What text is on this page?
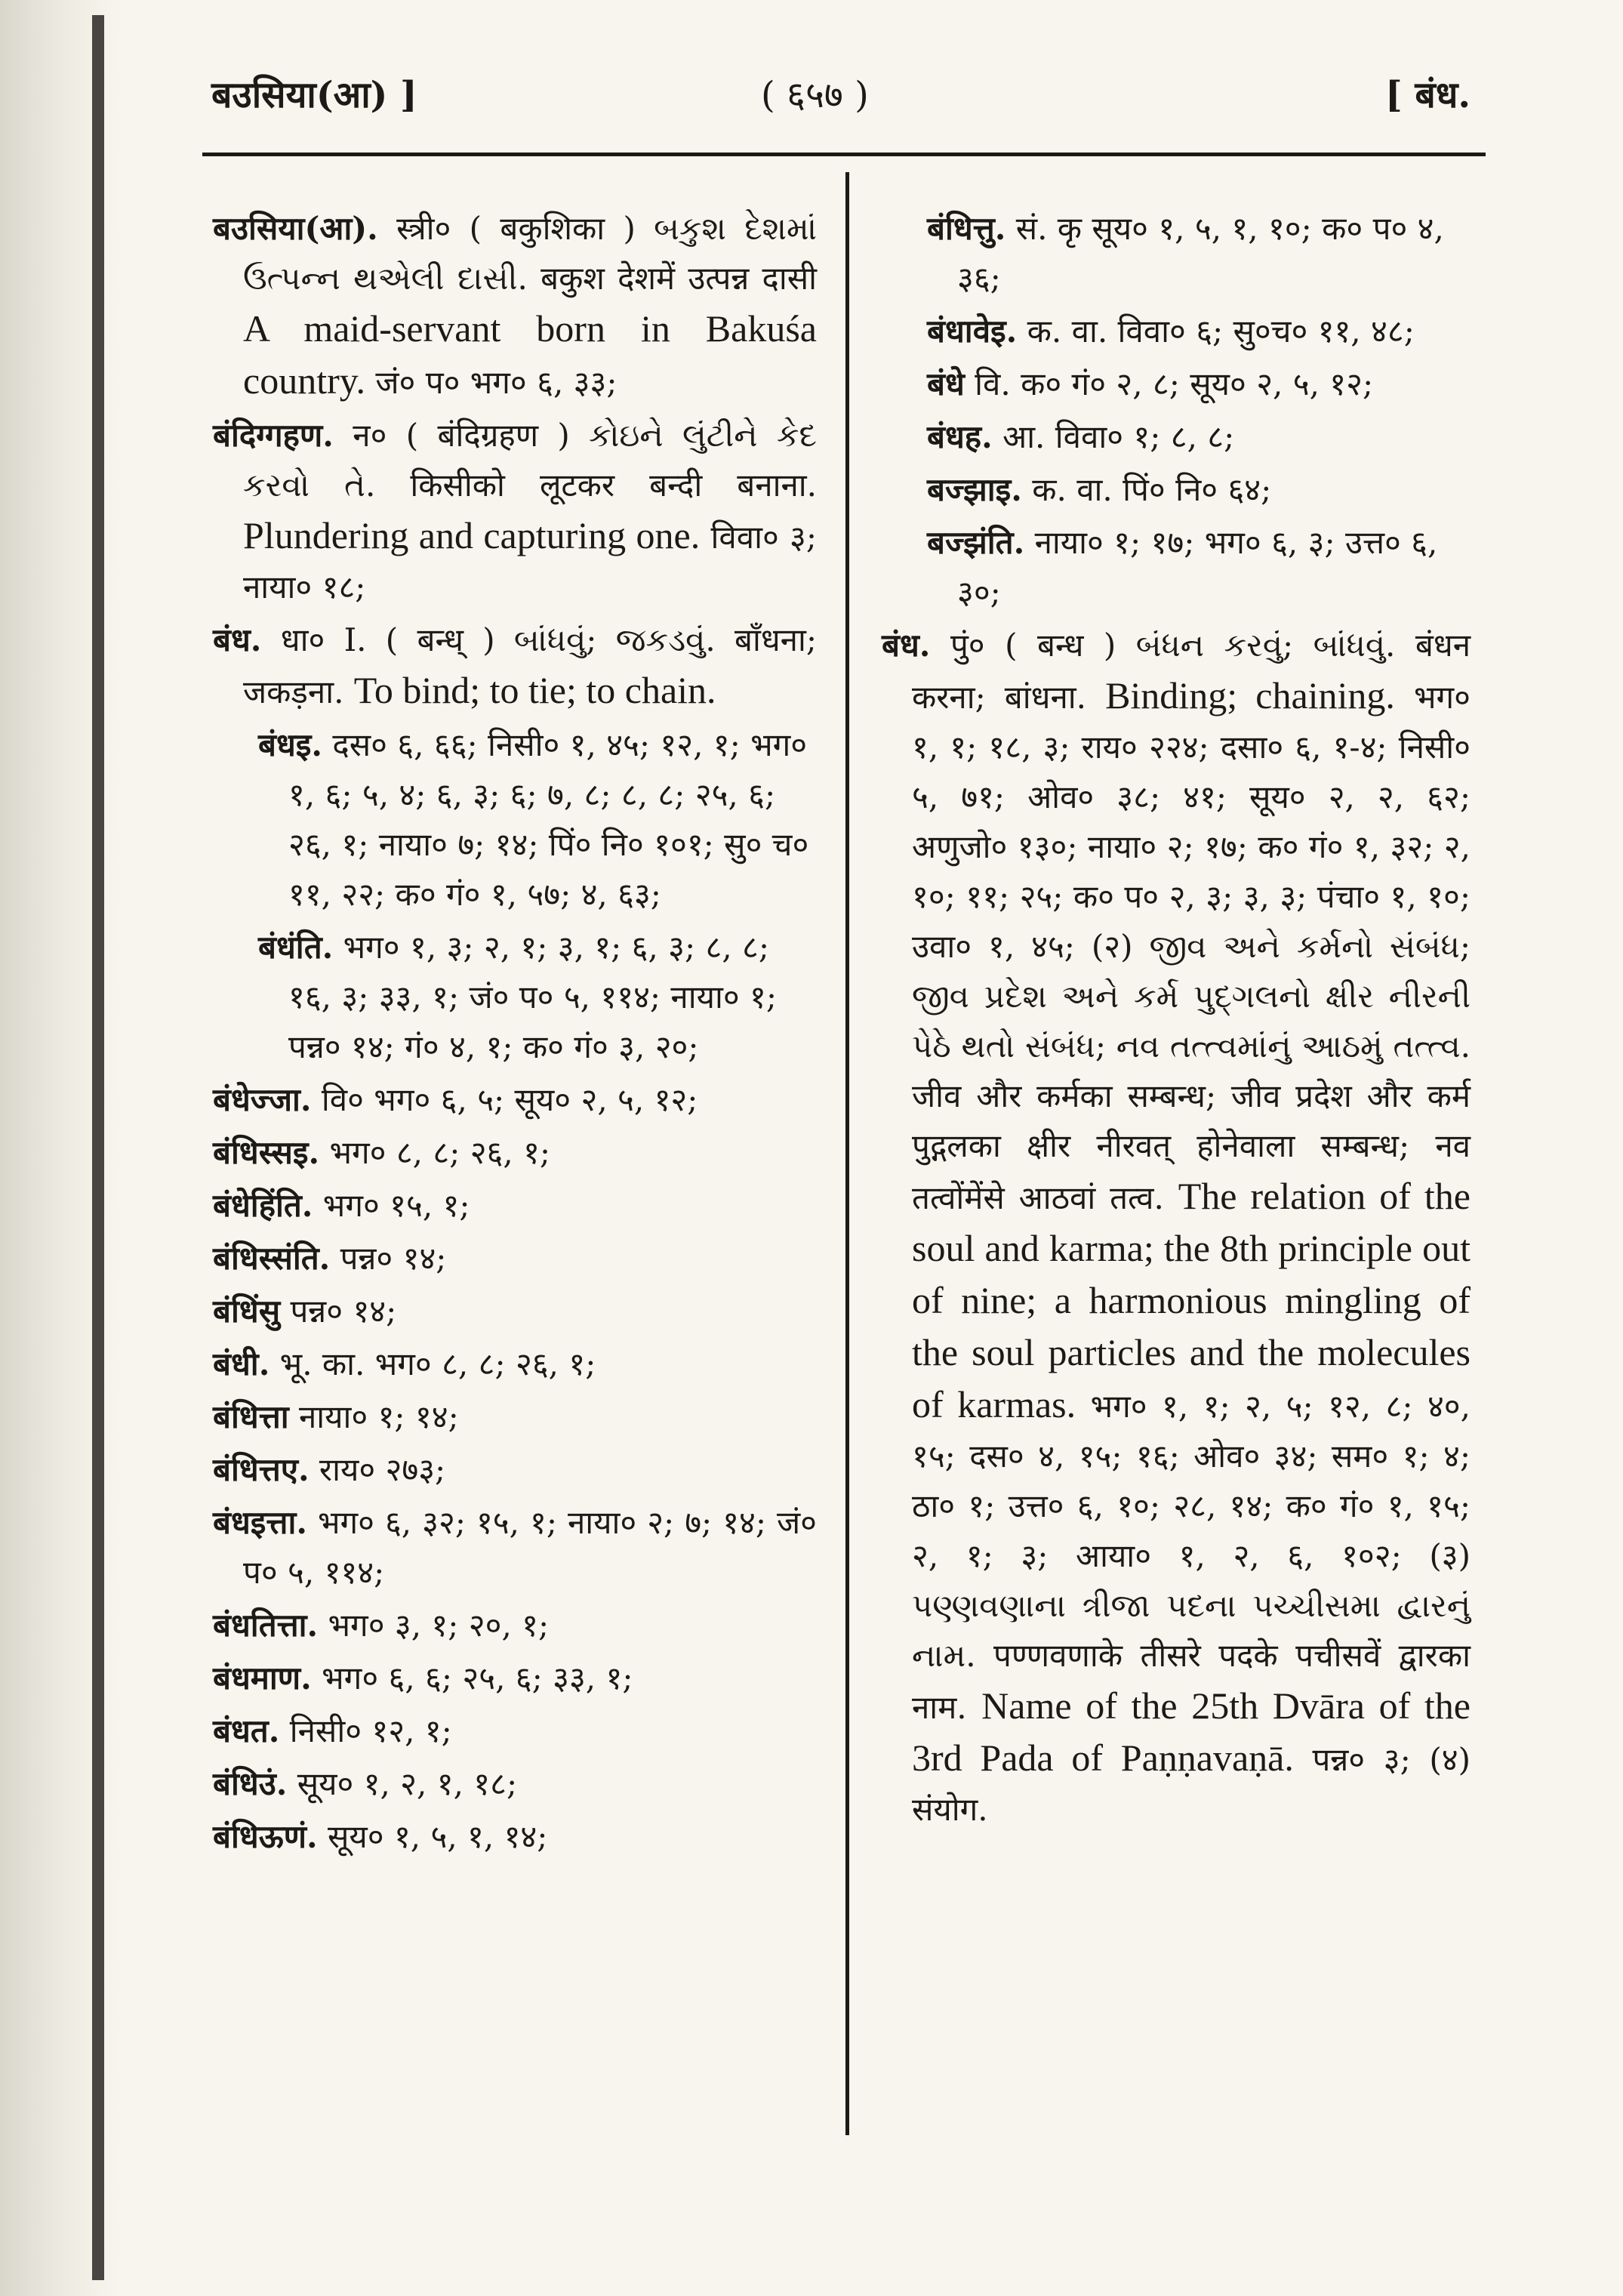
बउसिया(आ) ]	( ६५७ )	[ बंध.

बउसिया(आ). स्त्री० ( बकुशिका ) બકુશ દેશમાં ઉત્પન્ન થએલી દાસી. बकुश देशमें उत्पन्न दासी A maid-servant born in Bakuśa country. जं० प० भग० ६, ३३;

बंदिग्गहण. न० ( बंदिग्रहण ) કોઇને લુંટીને કેદ કરવો તે. किसीको लूटकर बन्दी बनाना. Plundering and capturing one. विवा० ३; नाया० १८;

बंध. धा० I. ( बन्ध् ) બાંધવું; જકડવું. बाँधना; जकड़ना. To bind; to tie; to chain.

बंधइ. दस० ६, ६६; निसी० १, ४५; १२, १; भग० १, ६; ५, ४; ६, ३; ६; ७, ८; ८, ८; २५, ६; २६, १; नाया० ७; १४; पिं० नि० १०१; सु० च० ११, २२; क० गं० १, ५७; ४, ६३;

बंधंति. भग० १, ३; २, १; ३, १; ६, ३; ८, ८; १६, ३; ३३, १; जं० प० ५, ११४; नाया० १; पन्न० १४; गं० ४, १; क० गं० ३, २०;

बंधेज्जा. वि० भग० ६, ५; सूय० २, ५, १२;

बंधिस्सइ. भग० ८, ८; २६, १;

बंधेहिंति. भग० १५, १;

बंधिस्संति. पन्न० १४;

बंधिंसु पन्न० १४;

बंधी. भू. का. भग० ८, ८; २६, १;

बंधित्ता नाया० १; १४;

बंधित्तए. राय० २७३;

बंधइत्ता. भग० ६, ३२; १५, १; नाया० २; ७; १४; जं० प० ५, ११४;

बंधतित्ता. भग० ३, १; २०, १;

बंधमाण. भग० ६, ६; २५, ६; ३३, १;

बंधत. निसी० १२, १;

बंधिउं. सूय० १, २, १, १८;

बंधिऊणं. सूय० १, ५, १, १४;

बंधित्तु. सं. कृ सूय० १, ५, १, १०; क० प० ४, ३६;

बंधावेइ. क. वा. विवा० ६; सु०च० ११, ४८;

बंधे वि. क० गं० २, ८; सूय० २, ५, १२;

बंधह. आ. विवा० १; ८, ८;

बज्झाइ. क. वा. पिं० नि० ६४;

बज्झंति. नाया० १; १७; भग० ६, ३; उत्त० ६, ३०;

बंध. पुं० ( बन्ध ) બંધન કરવું; બાંધવું. बंधन करना; बांधना. Binding; chaining. भग० १, १; १८, ३; राय० २२४; दसा० ६, १-४; निसी० ५, ७१; ओव० ३८; ४१; सूय० २, २, ६२; अणुजो० १३०; नाया० २; १७; क० गं० १, ३२; २, १०; ११; २५; क० प० २, ३; ३, ३; पंचा० १, १०; उवा० १, ४५; (२) જીવ અને કર્મનો સંબંધ; જીવ પ્રદેશ અને કર્મ પુદ્ગલનો ક્ષીર નીરની પેઠે થતો સંબંધ; નવ તત્ત્વમાંનું આઠમું તત્ત્વ. जीव और कर्मका सम्बन्ध; जीव प्रदेश और कर्म पुद्गलका क्षीर नीरवत् होनेवाला सम्बन्ध; नव तत्वोंमेंसे आठवां तत्व. The relation of the soul and karma; the 8th principle out of nine; a harmonious mingling of the soul particles and the molecules of karmas. भग० १, १; २, ५; १२, ८; ४०, १५; दस० ४, १५; १६; ओव० ३४; सम० १; ४; ठा० १; उत्त० ६, १०; २८, १४; क० गं० १, १५; २, १; ३; आया० १, २, ६, १०२; (३) પણ્ણવણાના ત્રીજા પદના પચ્ચીસમા દ્વારનું નામ. पण्णवणाके तीसरे पदके पचीसवें द्वारका नाम. Name of the 25th Dvāra of the 3rd Pada of Paṇṇavaṇā. पन्न० ३; (४) संयोग.
